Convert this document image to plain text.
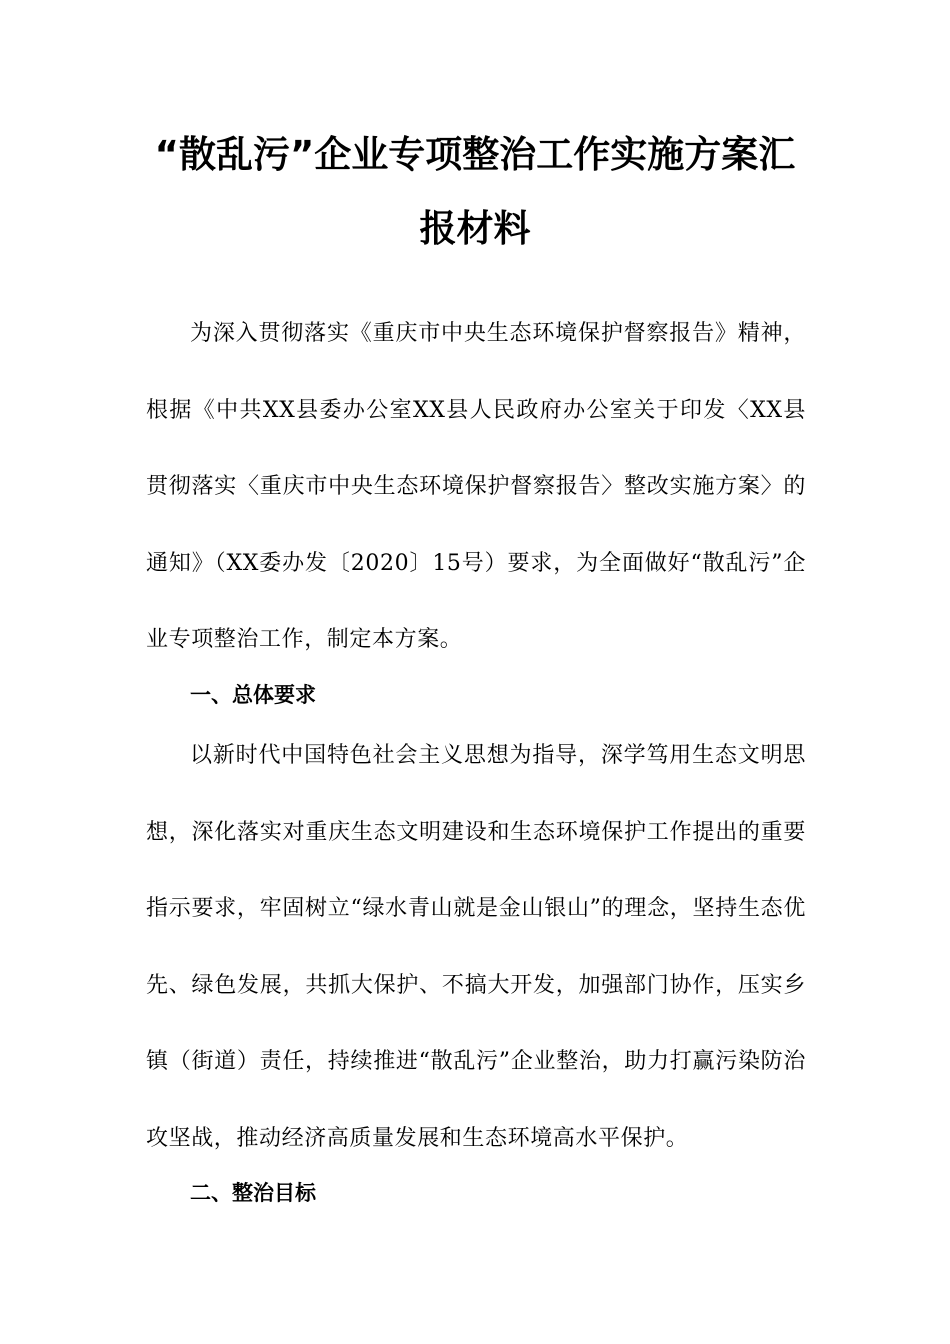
“散乱污”企业专项整治工作实施方案汇
报材料

为深入贯彻落实《重庆市中央生态环境保护督察报告》精神，根据《中共XX县委办公室XX县人民政府办公室关于印发〈XX县贯彻落实〈重庆市中央生态环境保护督察报告〉整改实施方案〉的通知》（XX委办发〔2020〕15号）要求，为全面做好“散乱污”企业专项整治工作，制定本方案。

一、总体要求

以新时代中国特色社会主义思想为指导，深学笃用生态文明思想，深化落实对重庆生态文明建设和生态环境保护工作提出的重要指示要求，牢固树立“绿水青山就是金山银山”的理念，坚持生态优先、绿色发展，共抓大保护、不搞大开发，加强部门协作，压实乡镇（街道）责任，持续推进“散乱污”企业整治，助力打赢污染防治攻坚战，推动经济高质量发展和生态环境高水平保护。

二、整治目标
